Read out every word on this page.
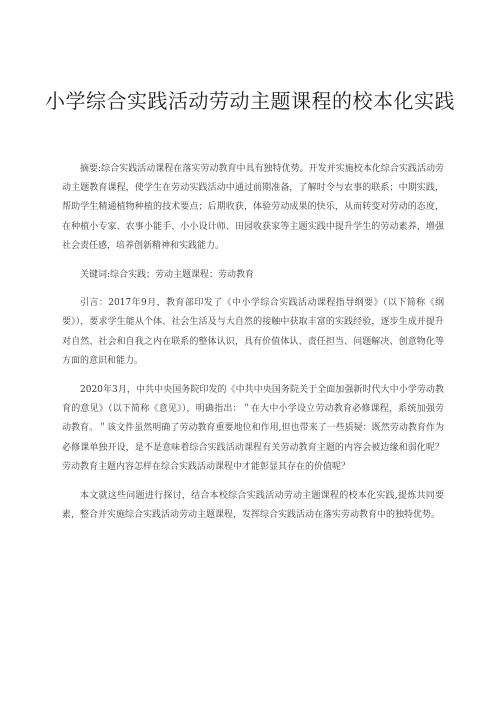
小学综合实践活动劳动主题课程的校本化实践

摘要:综合实践活动课程在落实劳动教育中具有独特优势。开发并实施校本化综合实践活动劳动主题教育课程，使学生在劳动实践活动中通过前期准备，了解时令与农事的联系；中期实践，帮助学生精通植物种植的技术要点；后期收获，体验劳动成果的快乐，从而转变对劳动的态度，在种植小专家、农事小能手、小小设计师、田园收获家等主题实践中提升学生的劳动素养，增强社会责任感，培养创新精神和实践能力。

关键词:综合实践；劳动主题课程；劳动教育

引言：2017年9月，教育部印发了《中小学综合实践活动课程指导纲要》（以下简称《纲要》），要求学生能从个体、社会生活及与大自然的接触中获取丰富的实践经验，逐步生成并提升对自然、社会和自我之内在联系的整体认识，具有价值体认、责任担当、问题解决、创意物化等方面的意识和能力。

2020年3月，中共中央国务院印发的《中共中央国务院关于全面加强新时代大中小学劳动教育的意见》（以下简称《意见》），明确指出：＂在大中小学设立劳动教育必修课程，系统加强劳动教育。＂该文件虽然明确了劳动教育重要地位和作用,但也带来了一些质疑：既然劳动教育作为必修课单独开设，是不是意味着综合实践活动课程有关劳动教育主题的内容会被边缘和弱化呢？劳动教育主题内容怎样在综合实践活动课程中才能彰显其存在的价值呢？

本文就这些问题进行探讨，结合本校综合实践活动劳动主题课程的校本化实践,提炼共同要素，整合并实施综合实践活动劳动主题课程，发挥综合实践活动在落实劳动教育中的独特优势。
